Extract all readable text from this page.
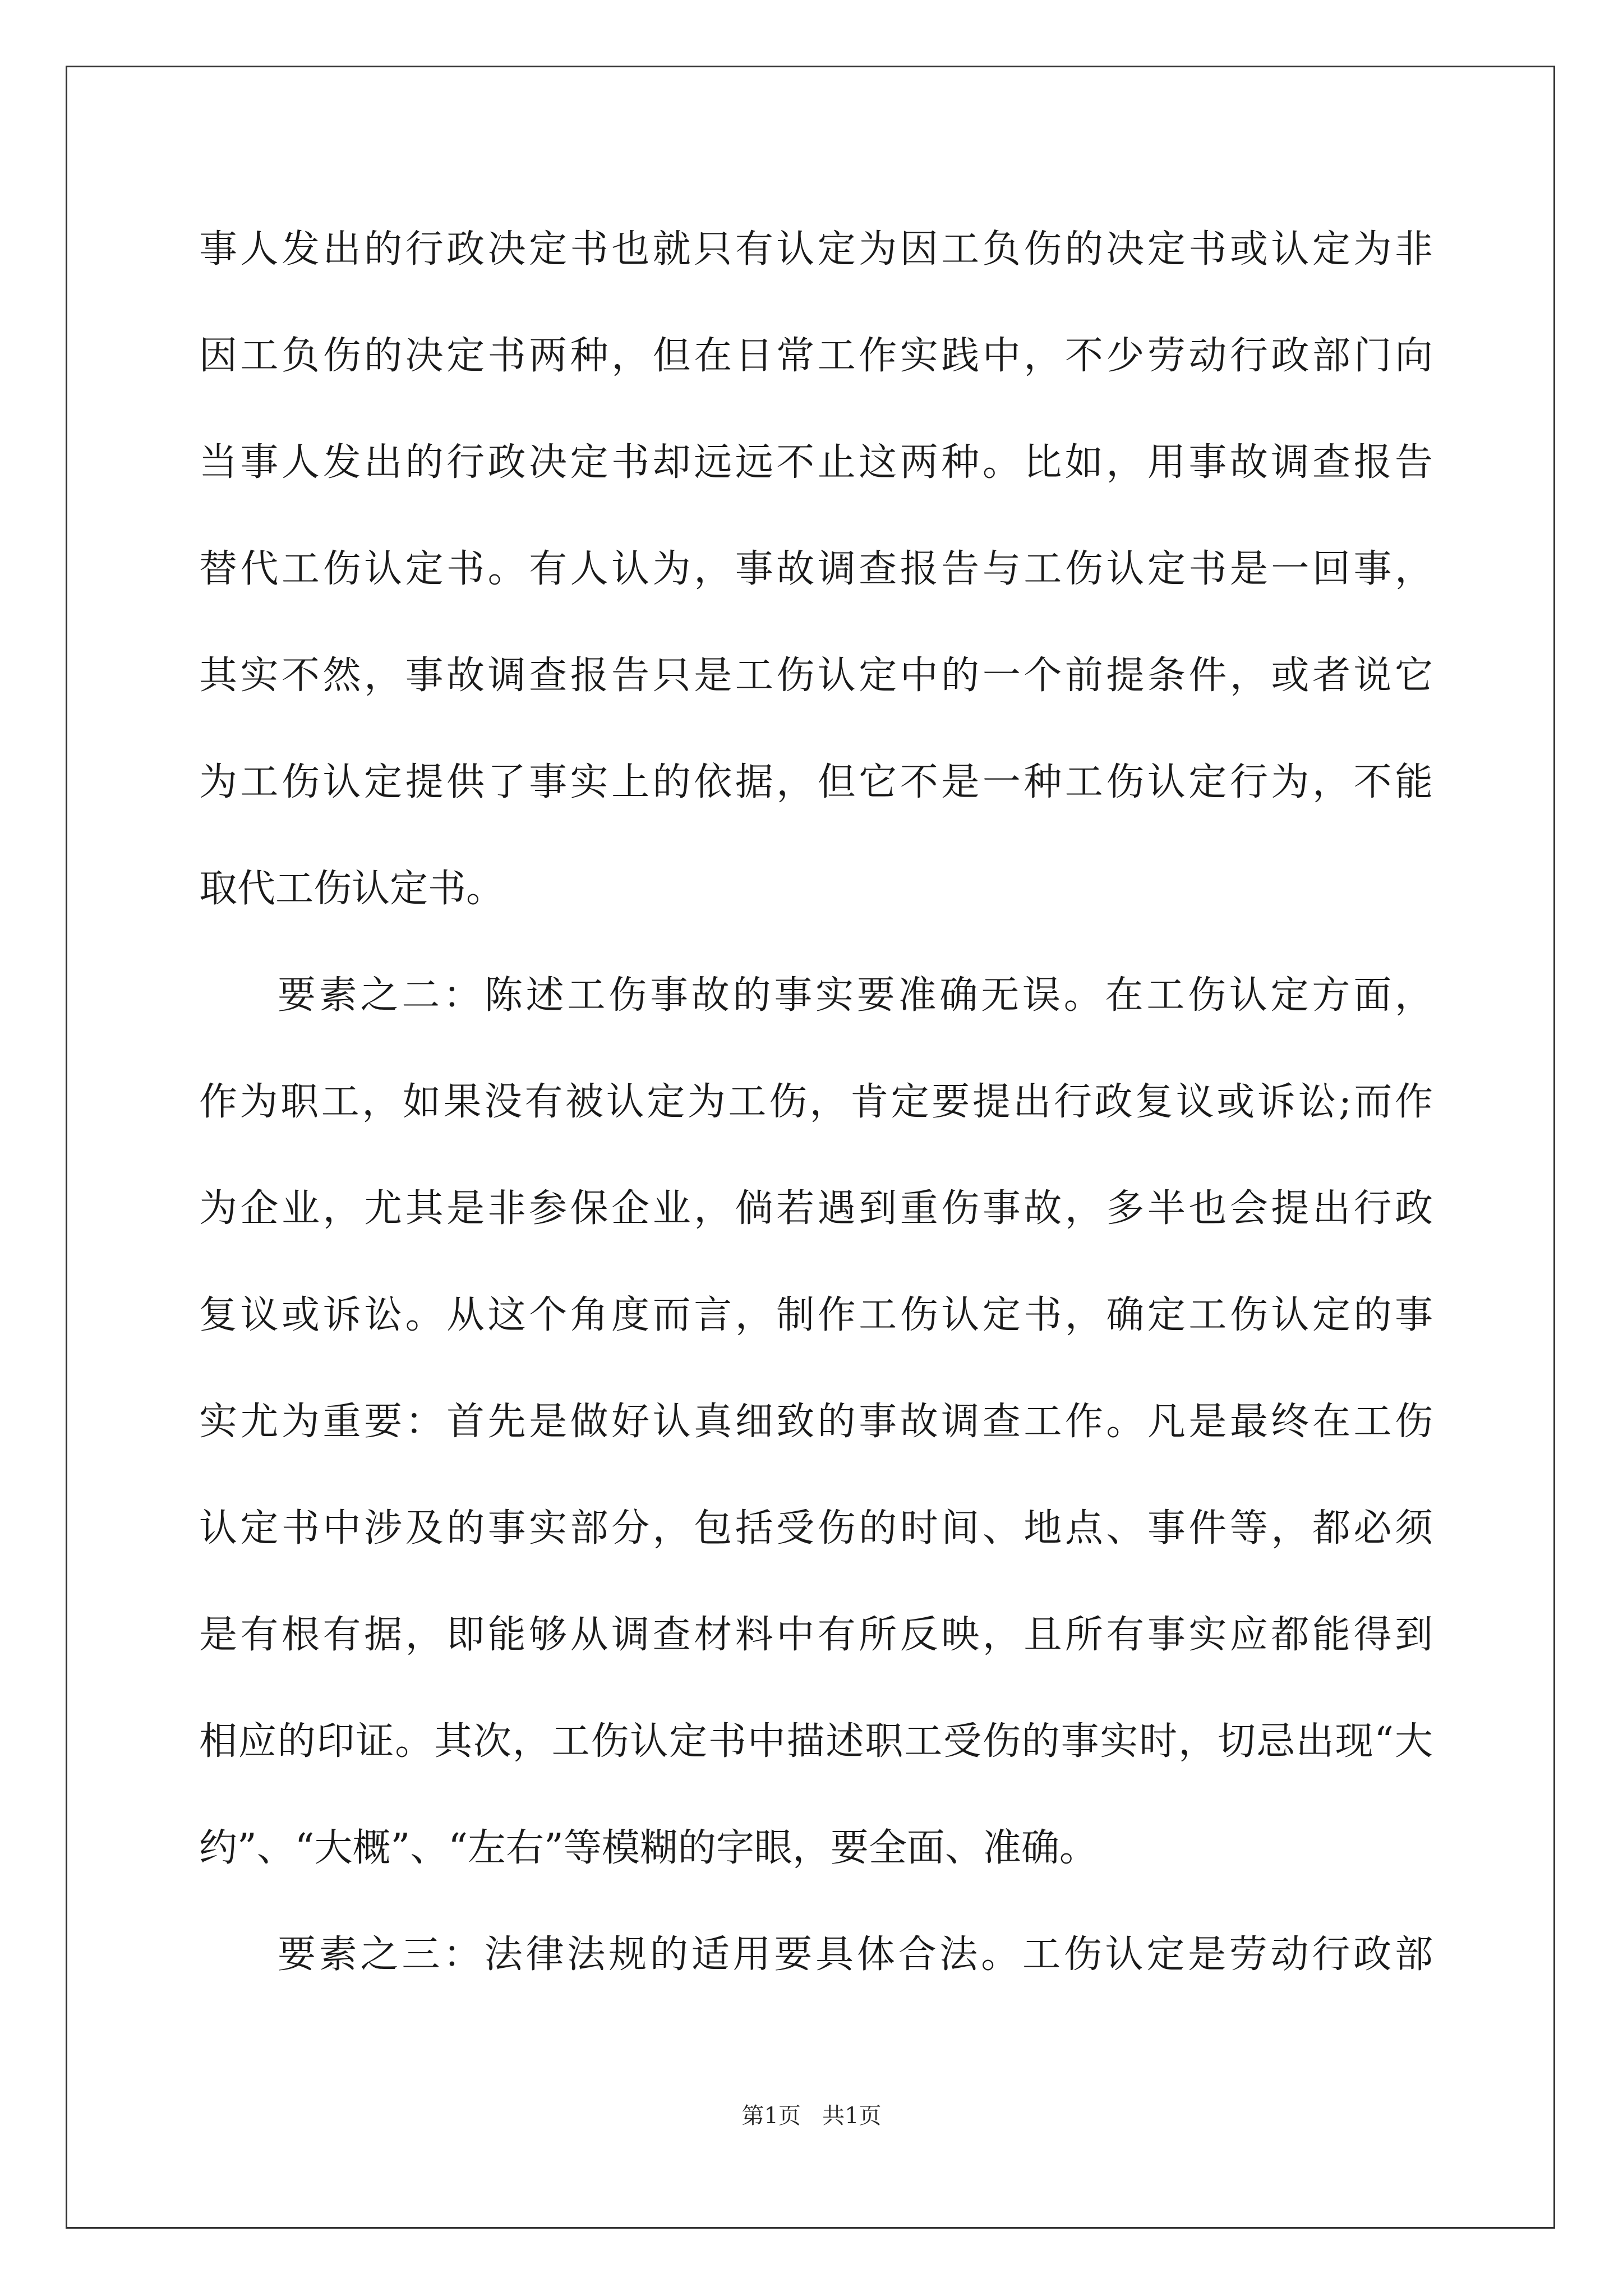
事人发出的行政决定书也就只有认定为因工负伤的决定书或认定为非
因工负伤的决定书两种，但在日常工作实践中，不少劳动行政部门向
当事人发出的行政决定书却远远不止这两种。比如，用事故调查报告
替代工伤认定书。有人认为，事故调查报告与工伤认定书是一回事，
其实不然，事故调查报告只是工伤认定中的一个前提条件，或者说它
为工伤认定提供了事实上的依据，但它不是一种工伤认定行为，不能
取代工伤认定书。
要素之二：陈述工伤事故的事实要准确无误。在工伤认定方面，
作为职工，如果没有被认定为工伤，肯定要提出行政复议或诉讼;而作
为企业，尤其是非参保企业，倘若遇到重伤事故，多半也会提出行政
复议或诉讼。从这个角度而言，制作工伤认定书，确定工伤认定的事
实尤为重要：首先是做好认真细致的事故调查工作。凡是最终在工伤
认定书中涉及的事实部分，包括受伤的时间、地点、事件等，都必须
是有根有据，即能够从调查材料中有所反映，且所有事实应都能得到
相应的印证。其次，工伤认定书中描述职工受伤的事实时，切忌出现“大
约”、“大概”、“左右”等模糊的字眼，要全面、准确。
要素之三：法律法规的适用要具体合法。工伤认定是劳动行政部
第1页 共1页
